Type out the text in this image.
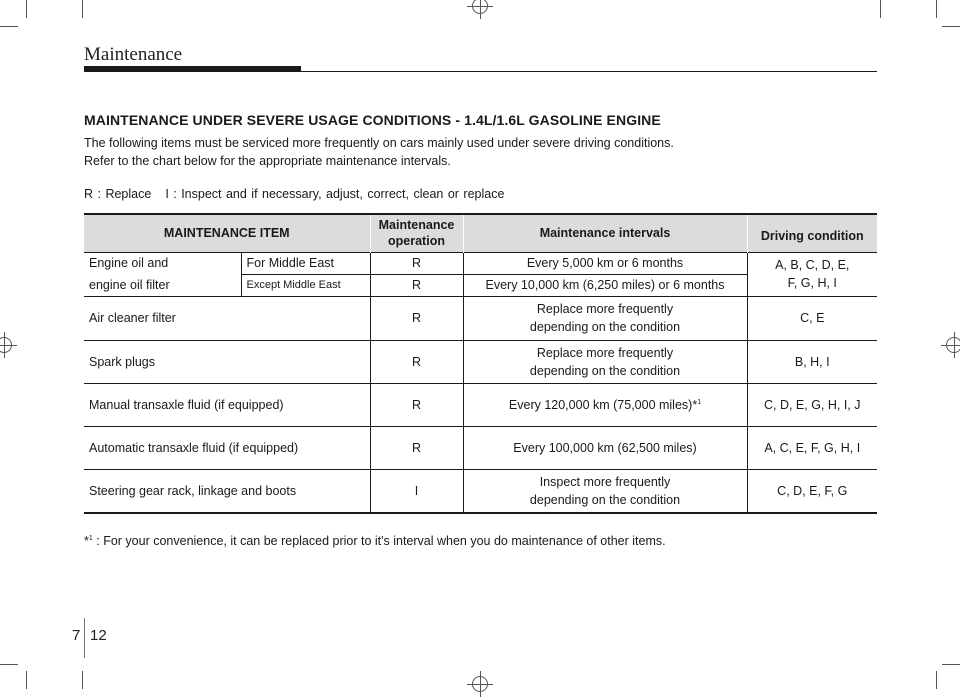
Maintenance
MAINTENANCE UNDER SEVERE USAGE CONDITIONS - 1.4L/1.6L GASOLINE ENGINE
The following items must be serviced more frequently on cars mainly used under severe driving conditions.
Refer to the chart below for the appropriate maintenance intervals.
R : Replace I : Inspect and if necessary, adjust, correct, clean or replace
MAINTENANCE ITEM		Maintenance
operation	Maintenance intervals	Driving condition
Engine oil and	For Middle East	R	Every 5,000 km or 6 months	A, B, C, D, E,
F, G, H, I
engine oil filter	Except Middle East	R	Every 10,000 km (6,250 miles) or 6 months	
Air cleaner filter		R	Replace more frequently
depending on the condition	C, E
Spark plugs		R	Replace more frequently
depending on the condition	B, H, I
Manual transaxle fluid (if equipped)		R	Every 120,000 km (75,000 miles)*$^1$	C, D, E, G, H, I, J
Automatic transaxle fluid (if equipped)		R	Every 100,000 km (62,500 miles)	A, C, E, F, G, H, I
Steering gear rack, linkage and boots		I	Inspect more frequently
depending on the condition	C, D, E, F, G
*$^1$ : For your convenience, it can be replaced prior to it's interval when you do maintenance of other items.
7 12
